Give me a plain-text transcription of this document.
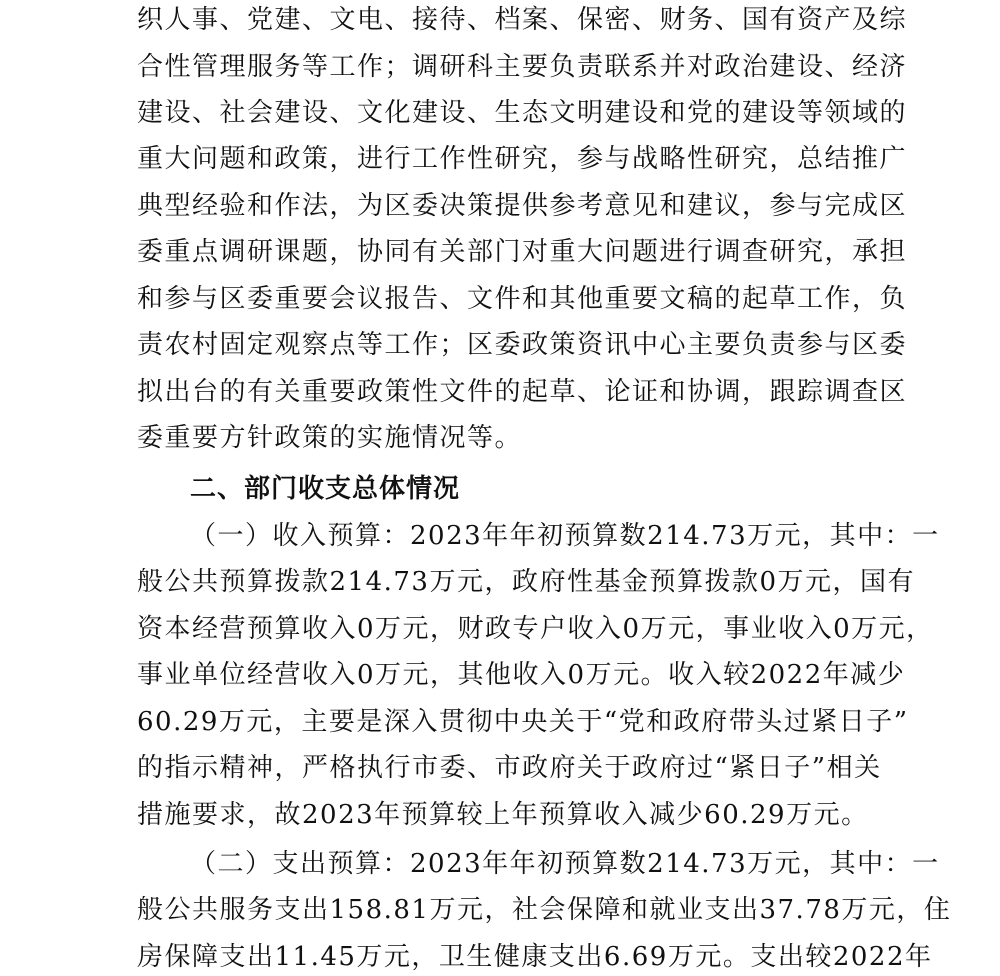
织人事、党建、文电、接待、档案、保密、财务、国有资产及综
合性管理服务等工作；调研科主要负责联系并对政治建设、经济
建设、社会建设、文化建设、生态文明建设和党的建设等领域的
重大问题和政策，进行工作性研究，参与战略性研究，总结推广
典型经验和作法，为区委决策提供参考意见和建议，参与完成区
委重点调研课题，协同有关部门对重大问题进行调查研究，承担
和参与区委重要会议报告、文件和其他重要文稿的起草工作，负
责农村固定观察点等工作；区委政策资讯中心主要负责参与区委
拟出台的有关重要政策性文件的起草、论证和协调，跟踪调查区
委重要方针政策的实施情况等。
二、部门收支总体情况
（一）收入预算：2023年年初预算数214.73万元，其中：一
般公共预算拨款214.73万元，政府性基金预算拨款0万元，国有
资本经营预算收入0万元，财政专户收入0万元，事业收入0万元，
事业单位经营收入0万元，其他收入0万元。收入较2022年减少
60.29万元，主要是深入贯彻中央关于“党和政府带头过紧日子”
的指示精神，严格执行市委、市政府关于政府过“紧日子”相关
措施要求，故2023年预算较上年预算收入减少60.29万元。
（二）支出预算：2023年年初预算数214.73万元，其中：一
般公共服务支出158.81万元，社会保障和就业支出37.78万元，住
房保障支出11.45万元，卫生健康支出6.69万元。支出较2022年
